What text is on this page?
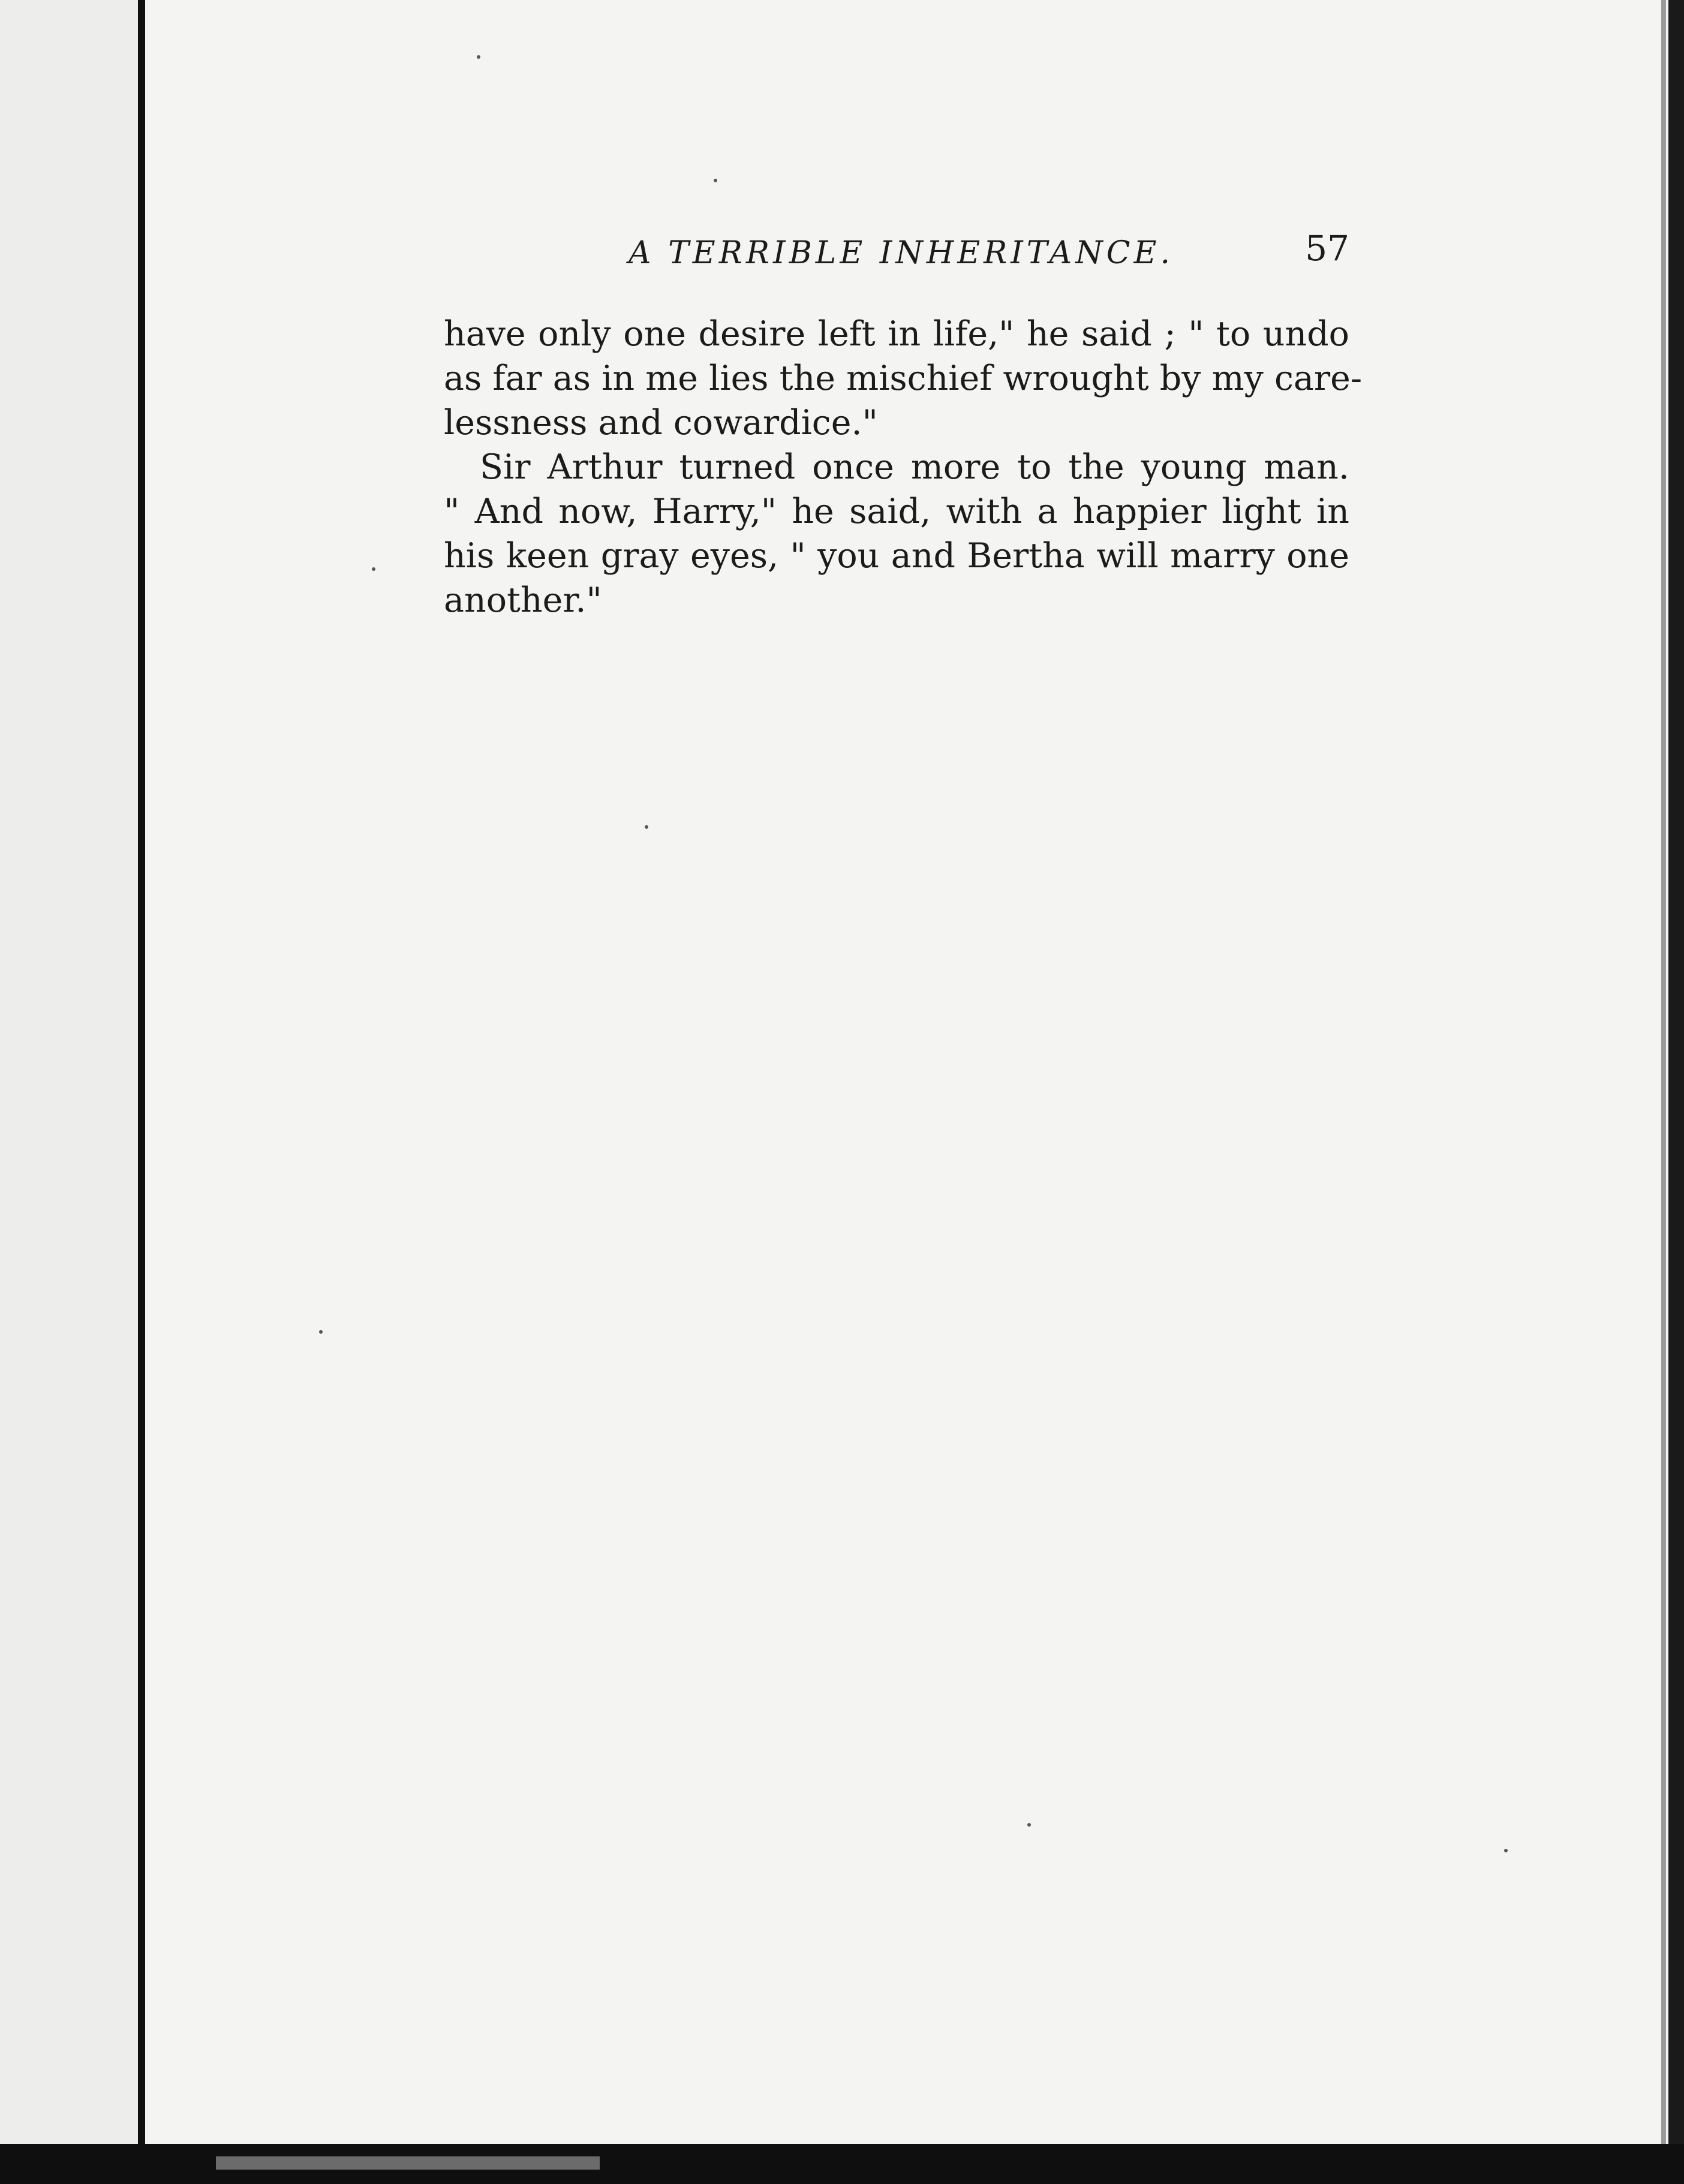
A TERRIBLE INHERITANCE.	57
have only one desire left in life," he said ; " to undo
as far as in me lies the mischief wrought by my care-
lessness and cowardice."
Sir Arthur turned once more to the young man.
" And now, Harry," he said, with a happier light in
his keen gray eyes, " you and Bertha will marry one
another."
